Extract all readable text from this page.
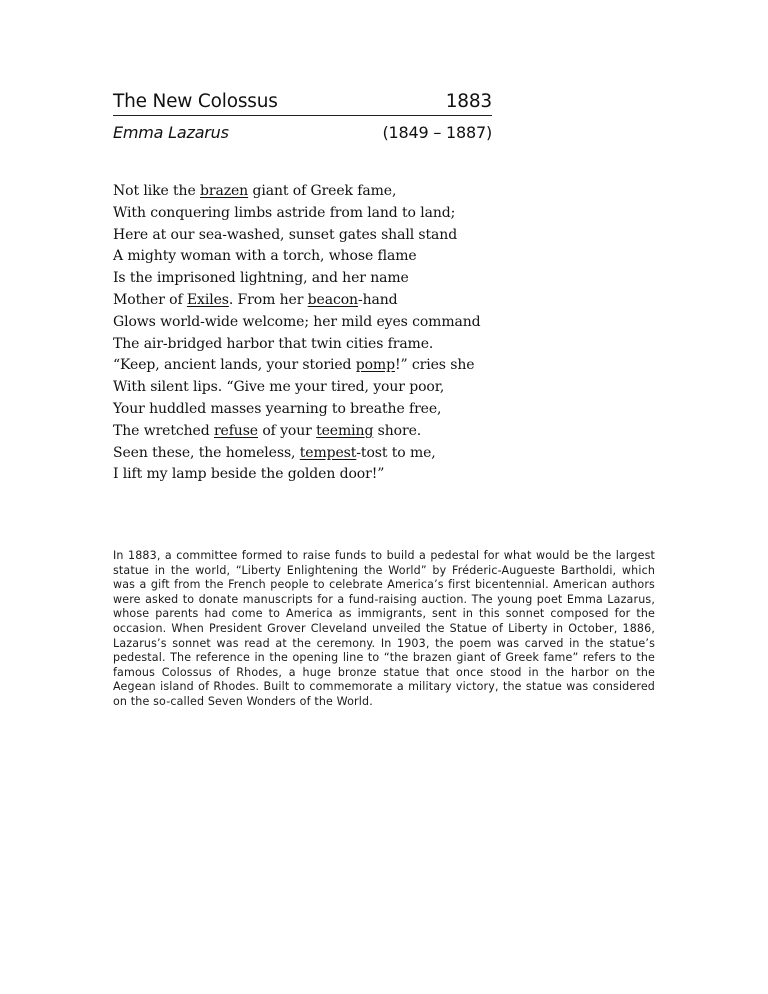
The New Colossus	1883
Emma Lazarus	(1849 – 1887)
Not like the brazen giant of Greek fame,
With conquering limbs astride from land to land;
Here at our sea-washed, sunset gates shall stand
A mighty woman with a torch, whose flame
Is the imprisoned lightning, and her name
Mother of Exiles. From her beacon-hand
Glows world-wide welcome; her mild eyes command
The air-bridged harbor that twin cities frame.
“Keep, ancient lands, your storied pomp!” cries she
With silent lips. “Give me your tired, your poor,
Your huddled masses yearning to breathe free,
The wretched refuse of your teeming shore.
Seen these, the homeless, tempest-tost to me,
I lift my lamp beside the golden door!”
In 1883, a committee formed to raise funds to build a pedestal for what would be the largest statue in the world, “Liberty Enlightening the World” by Fréderic-Augueste Bartholdi, which was a gift from the French people to celebrate America’s first bicentennial. American authors were asked to donate manuscripts for a fund-raising auction. The young poet Emma Lazarus, whose parents had come to America as immigrants, sent in this sonnet composed for the occasion. When President Grover Cleveland unveiled the Statue of Liberty in October, 1886, Lazarus’s sonnet was read at the ceremony. In 1903, the poem was carved in the statue’s pedestal. The reference in the opening line to “the brazen giant of Greek fame” refers to the famous Colossus of Rhodes, a huge bronze statue that once stood in the harbor on the Aegean island of Rhodes. Built to commemorate a military victory, the statue was considered on the so-called Seven Wonders of the World.
